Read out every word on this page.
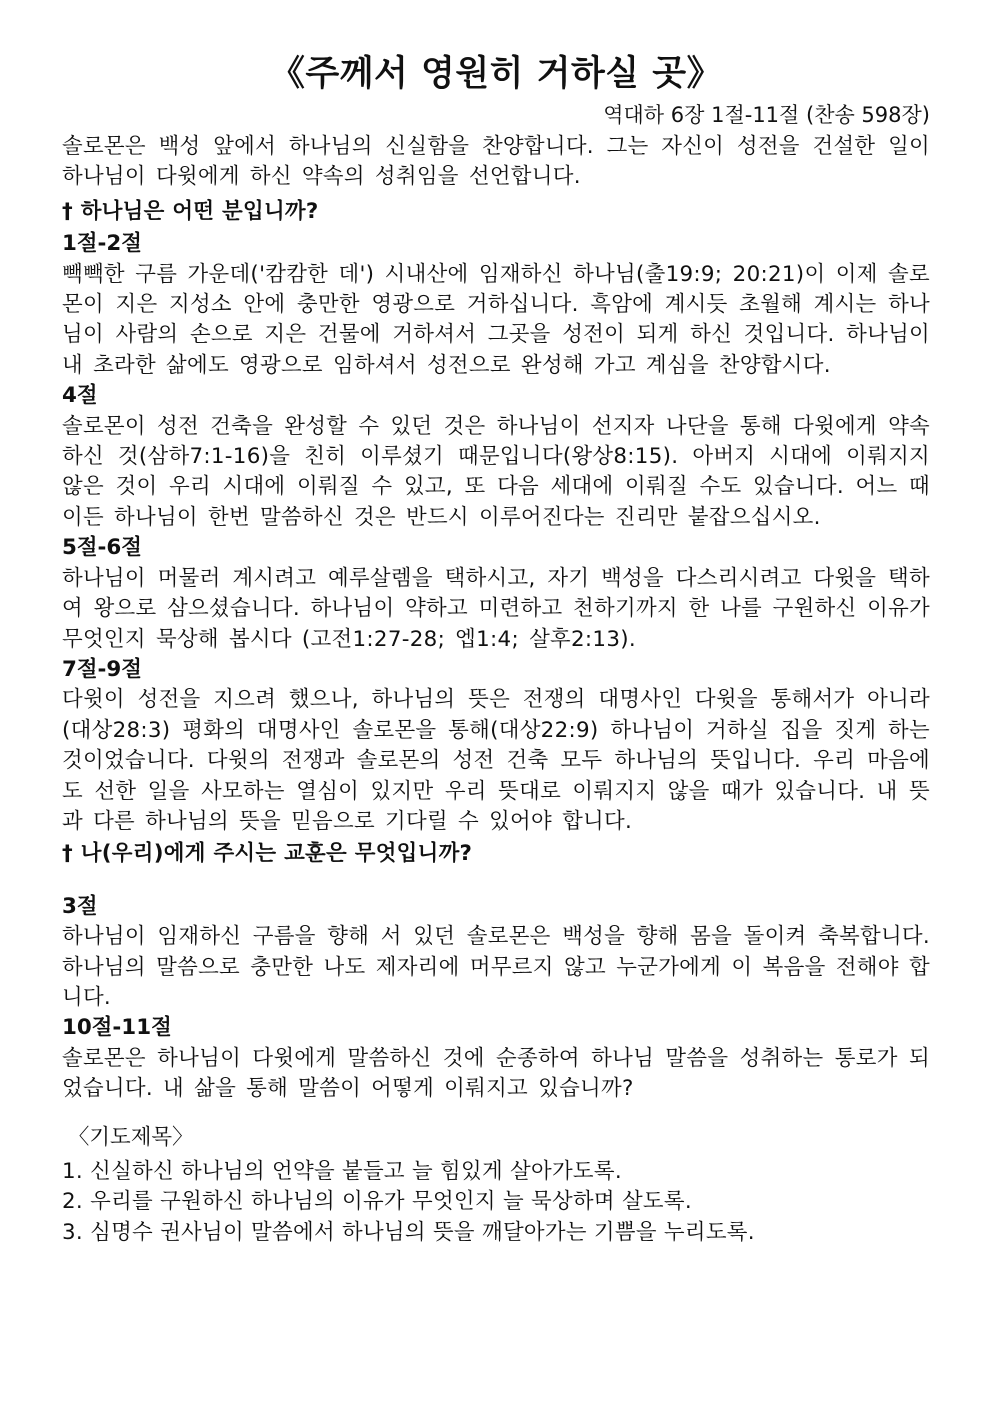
《주께서 영원히 거하실 곳》

역대하 6장 1절-11절 (찬송 598장)

솔로몬은 백성 앞에서 하나님의 신실함을 찬양합니다. 그는 자신이 성전을 건설한 일이 하나님이 다윗에게 하신 약속의 성취임을 선언합니다.

† 하나님은 어떤 분입니까?

1절-2절

빽빽한 구름 가운데('캄캄한 데') 시내산에 임재하신 하나님(출19:9; 20:21)이 이제 솔로몬이 지은 지성소 안에 충만한 영광으로 거하십니다. 흑암에 계시듯 초월해 계시는 하나님이 사람의 손으로 지은 건물에 거하셔서 그곳을 성전이 되게 하신 것입니다. 하나님이 내 초라한 삶에도 영광으로 임하셔서 성전으로 완성해 가고 계심을 찬양합시다.

4절

솔로몬이 성전 건축을 완성할 수 있던 것은 하나님이 선지자 나단을 통해 다윗에게 약속하신 것(삼하7:1-16)을 친히 이루셨기 때문입니다(왕상8:15). 아버지 시대에 이뤄지지 않은 것이 우리 시대에 이뤄질 수 있고, 또 다음 세대에 이뤄질 수도 있습니다. 어느 때이든 하나님이 한번 말씀하신 것은 반드시 이루어진다는 진리만 붙잡으십시오.

5절-6절

하나님이 머물러 계시려고 예루살렘을 택하시고, 자기 백성을 다스리시려고 다윗을 택하여 왕으로 삼으셨습니다. 하나님이 약하고 미련하고 천하기까지 한 나를 구원하신 이유가 무엇인지 묵상해 봅시다 (고전1:27-28; 엡1:4; 살후2:13).

7절-9절

다윗이 성전을 지으려 했으나, 하나님의 뜻은 전쟁의 대명사인 다윗을 통해서가 아니라(대상28:3) 평화의 대명사인 솔로몬을 통해(대상22:9) 하나님이 거하실 집을 짓게 하는 것이었습니다. 다윗의 전쟁과 솔로몬의 성전 건축 모두 하나님의 뜻입니다. 우리 마음에도 선한 일을 사모하는 열심이 있지만 우리 뜻대로 이뤄지지 않을 때가 있습니다. 내 뜻과 다른 하나님의 뜻을 믿음으로 기다릴 수 있어야 합니다.

† 나(우리)에게 주시는 교훈은 무엇입니까?

3절

하나님이 임재하신 구름을 향해 서 있던 솔로몬은 백성을 향해 몸을 돌이켜 축복합니다. 하나님의 말씀으로 충만한 나도 제자리에 머무르지 않고 누군가에게 이 복음을 전해야 합니다.

10절-11절

솔로몬은 하나님이 다윗에게 말씀하신 것에 순종하여 하나님 말씀을 성취하는 통로가 되었습니다. 내 삶을 통해 말씀이 어떻게 이뤄지고 있습니까?

〈기도제목〉

1. 신실하신 하나님의 언약을 붙들고 늘 힘있게 살아가도록.
2. 우리를 구원하신 하나님의 이유가 무엇인지 늘 묵상하며 살도록.
3. 심명수 권사님이 말씀에서 하나님의 뜻을 깨달아가는 기쁨을 누리도록.
